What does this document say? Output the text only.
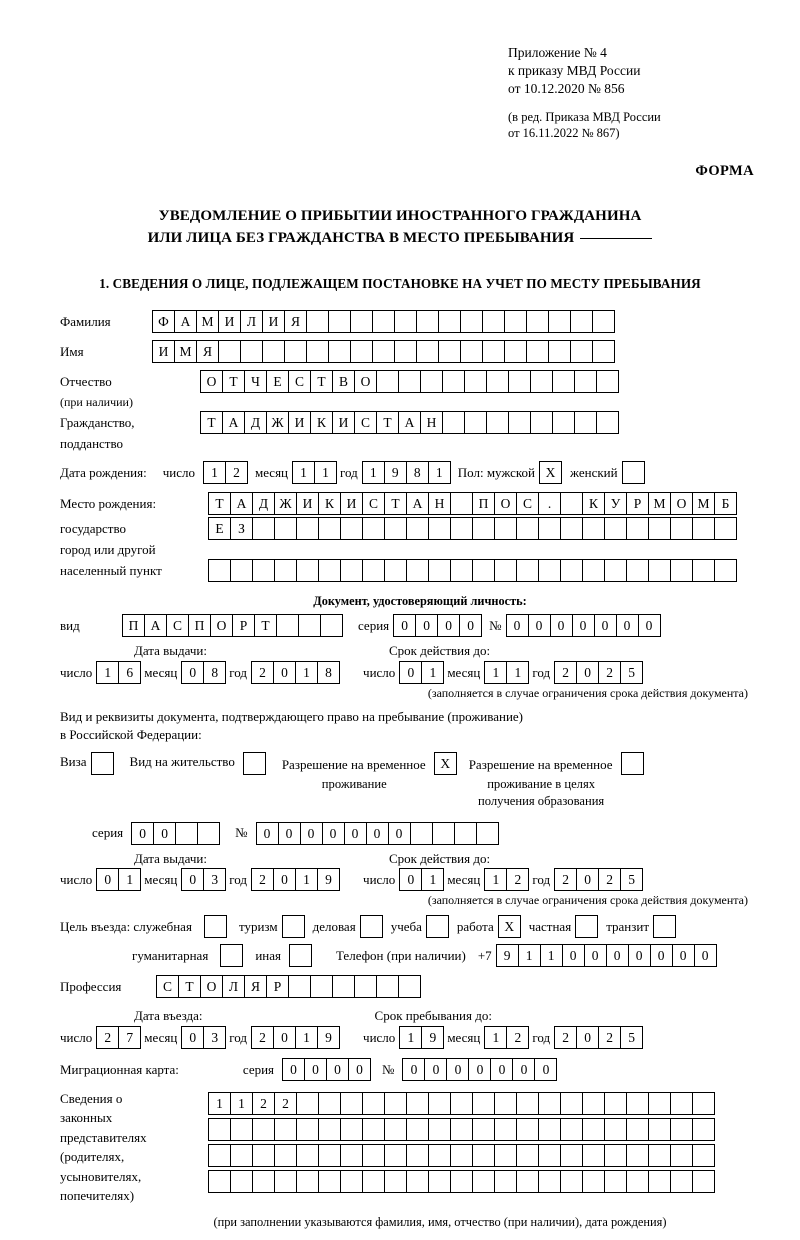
Приложение № 4
к приказу МВД России
от 10.12.2020 № 856
(в ред. Приказа МВД России
от 16.11.2022 № 867)
ФОРМА
УВЕДОМЛЕНИЕ О ПРИБЫТИИ ИНОСТРАННОГО ГРАЖДАНИНА
ИЛИ ЛИЦА БЕЗ ГРАЖДАНСТВА В МЕСТО ПРЕБЫВАНИЯ
1. СВЕДЕНИЯ О ЛИЦЕ, ПОДЛЕЖАЩЕМ ПОСТАНОВКЕ НА УЧЕТ ПО МЕСТУ ПРЕБЫВАНИЯ
Фамилия	Ф А М И Л И Я
Имя	И М Я
Отчество	О Т Ч Е С Т В О
(при наличии)
Гражданство,	Т А Д Ж И К И С Т А Н
подданство
Дата рождения: число	1	2	месяц 1	1 год 1	9	8	1	Пол: мужской X	женский
Место рождения:	Т А Д Ж И К И С Т А Н	П О С	.	К У Р М О М Б
государство	Е	З
город или другой
населенный пункт
Документ, удостоверяющий личность:
вид	П А С П О Р	Т	серия 0	0	0	0	№ 0	0	0	0	0	0	0
Дата выдачи:	Срок действия до:
число 1	6 месяц 0	8 год 2	0	1	8	число 0	1 месяц 1	1 год 2	0	2	5
(заполняется в случае ограничения срока действия документа)
Вид и реквизиты документа, подтверждающего право на пребывание (проживание)
в Российской Федерации:
Виза	Вид на жительство	Разрешение на временное	X
проживание
Разрешение на временное
проживание в целях
получения образования
серия	0	0	№	0	0	0	0	0	0	0
Дата выдачи:	Срок действия до:
число 0	1 месяц 0	3 год 2	0	1	9	число 0	1 месяц 1	2 год 2	0	2	5
(заполняется в случае ограничения срока действия документа)
Цель въезда: служебная	туризм	деловая	учеба	работа X	частная	транзит
гуманитарная	иная	Телефон (при наличии) +7 9	1	1	0	0	0	0	0	0	0
Профессия	С Т О Л Я	Р
Дата въезда:	Срок пребывания до:
число 2	7 месяц 0	3 год 2	0	1	9	число 1	9 месяц 1	2 год 2	0	2	5
Миграционная карта:	серия	0	0	0	0	№	0	0	0	0	0	0	0
Сведения о
законных
представителях
(родителях,
усыновителях,
попечителях)
1	1	2	2
(при заполнении указываются фамилия, имя, отчество (при наличии), дата рождения)
